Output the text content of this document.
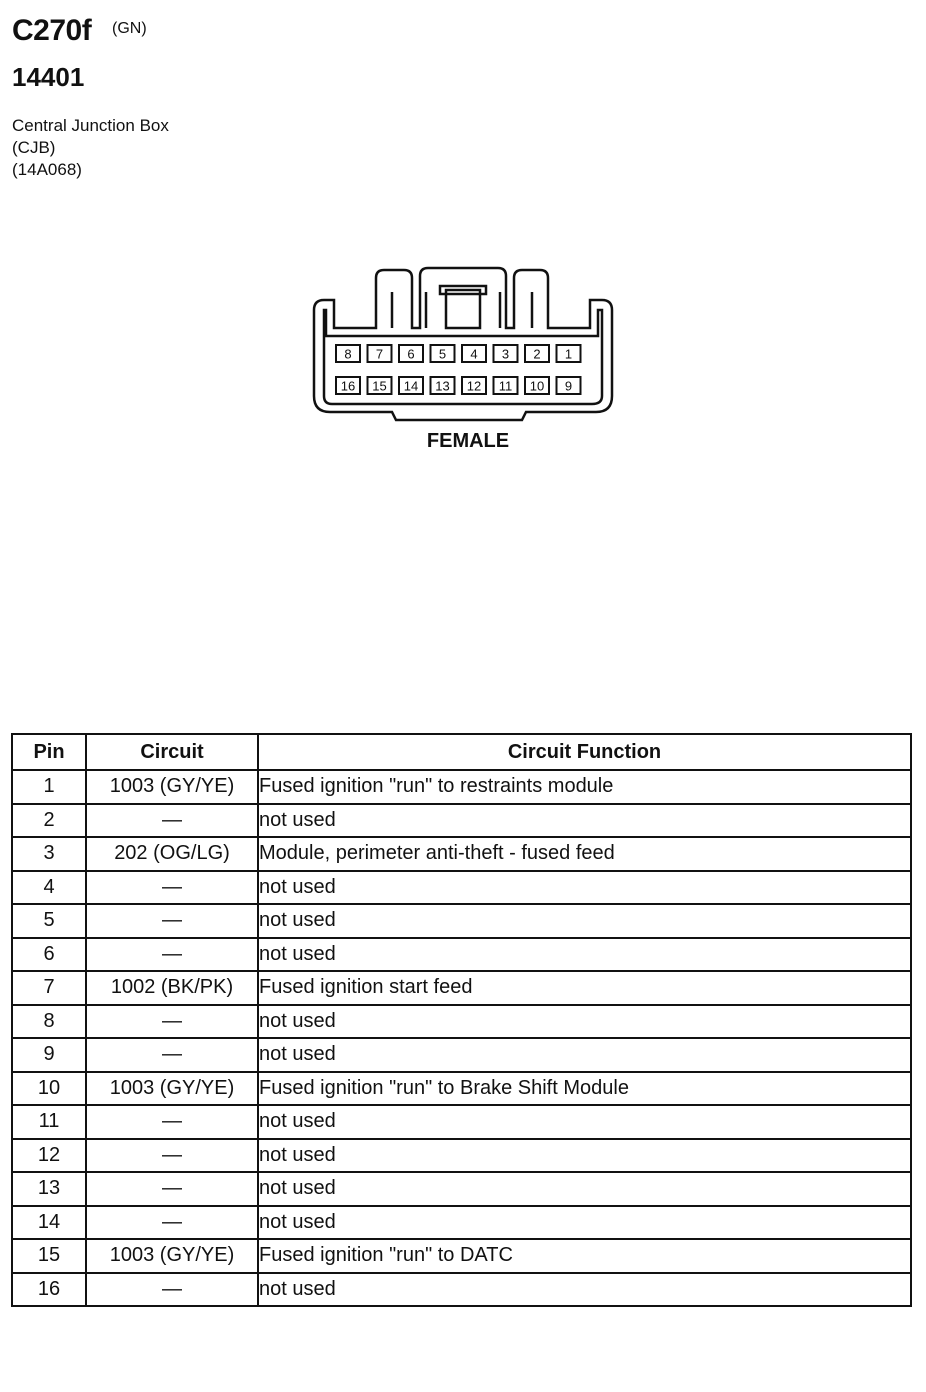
C270f (GN)
14401
Central Junction Box
(CJB)
(14A068)
8 7 6 5 4 3 2 1
16 15 14 13 12 11 10 9
FEMALE
Pin	Circuit	Circuit Function
1	1003 (GY/YE)	Fused ignition "run" to restraints module
2	—	not used
3	202 (OG/LG)	Module, perimeter anti-theft - fused feed
4	—	not used
5	—	not used
6	—	not used
7	1002 (BK/PK)	Fused ignition start feed
8	—	not used
9	—	not used
10	1003 (GY/YE)	Fused ignition "run" to Brake Shift Module
11	—	not used
12	—	not used
13	—	not used
14	—	not used
15	1003 (GY/YE)	Fused ignition "run" to DATC
16	—	not used
